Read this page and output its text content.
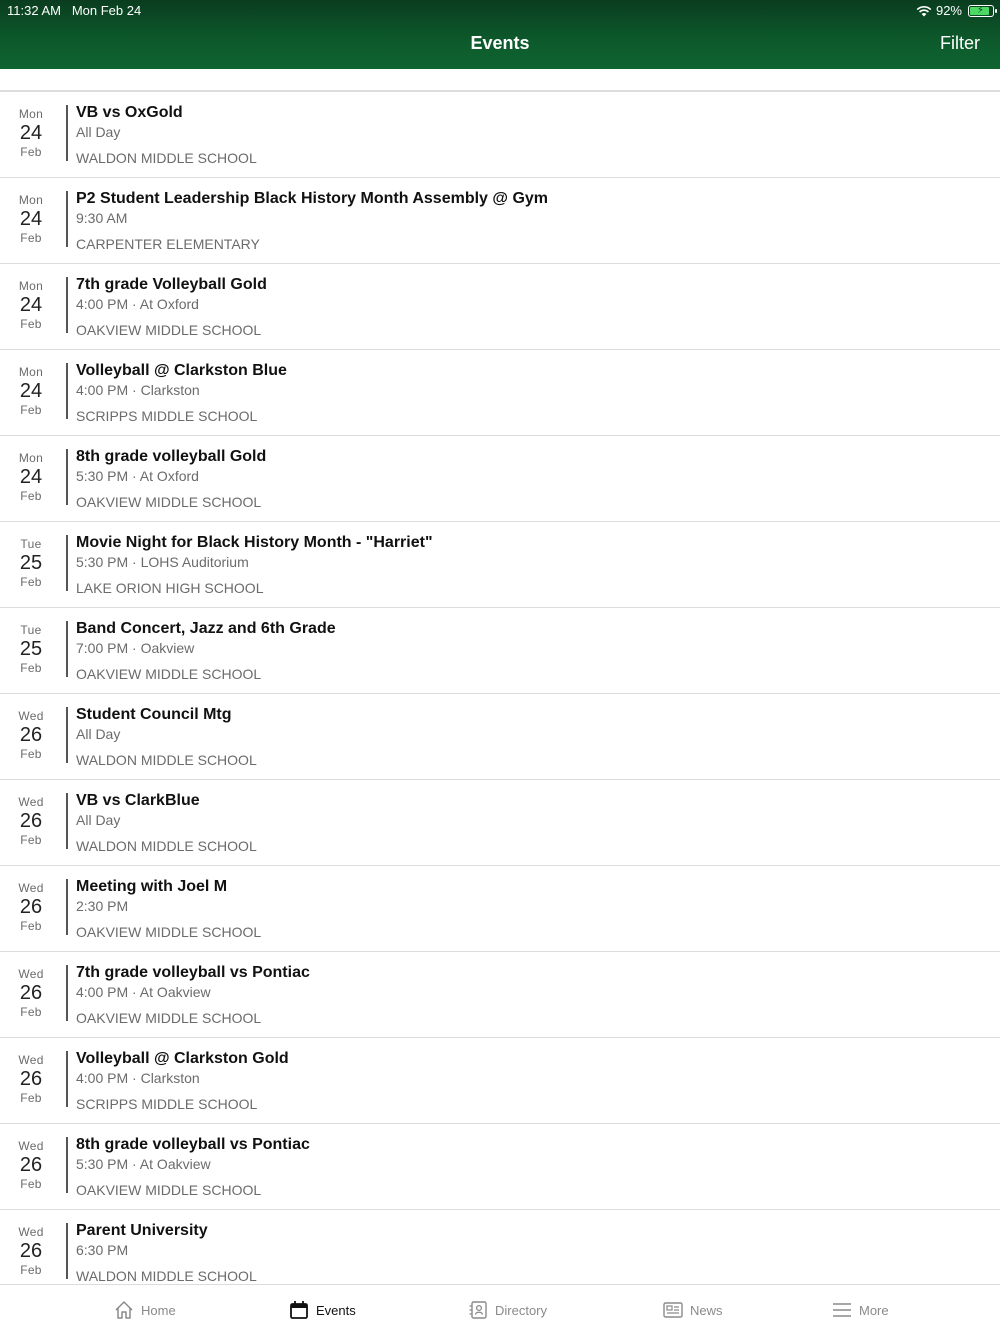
11:32 AM Mon Feb 24	92% ⚡
Events	Filter
Mon
24
Feb
VB vs OxGold
All Day
WALDON MIDDLE SCHOOL
Mon
24
Feb
P2 Student Leadership Black History Month Assembly @ Gym
9:30 AM
CARPENTER ELEMENTARY
Mon
24
Feb
7th grade Volleyball Gold
4:00 PM · At Oxford
OAKVIEW MIDDLE SCHOOL
Mon
24
Feb
Volleyball @ Clarkston Blue
4:00 PM · Clarkston
SCRIPPS MIDDLE SCHOOL
Mon
24
Feb
8th grade volleyball Gold
5:30 PM · At Oxford
OAKVIEW MIDDLE SCHOOL
Tue
25
Feb
Movie Night for Black History Month - "Harriet"
5:30 PM · LOHS Auditorium
LAKE ORION HIGH SCHOOL
Tue
25
Feb
Band Concert, Jazz and 6th Grade
7:00 PM · Oakview
OAKVIEW MIDDLE SCHOOL
Wed
26
Feb
Student Council Mtg
All Day
WALDON MIDDLE SCHOOL
Wed
26
Feb
VB vs ClarkBlue
All Day
WALDON MIDDLE SCHOOL
Wed
26
Feb
Meeting with Joel M
2:30 PM
OAKVIEW MIDDLE SCHOOL
Wed
26
Feb
7th grade volleyball vs Pontiac
4:00 PM · At Oakview
OAKVIEW MIDDLE SCHOOL
Wed
26
Feb
Volleyball @ Clarkston Gold
4:00 PM · Clarkston
SCRIPPS MIDDLE SCHOOL
Wed
26
Feb
8th grade volleyball vs Pontiac
5:30 PM · At Oakview
OAKVIEW MIDDLE SCHOOL
Wed
26
Feb
Parent University
6:30 PM
WALDON MIDDLE SCHOOL
Home	Events	Directory	News	More
